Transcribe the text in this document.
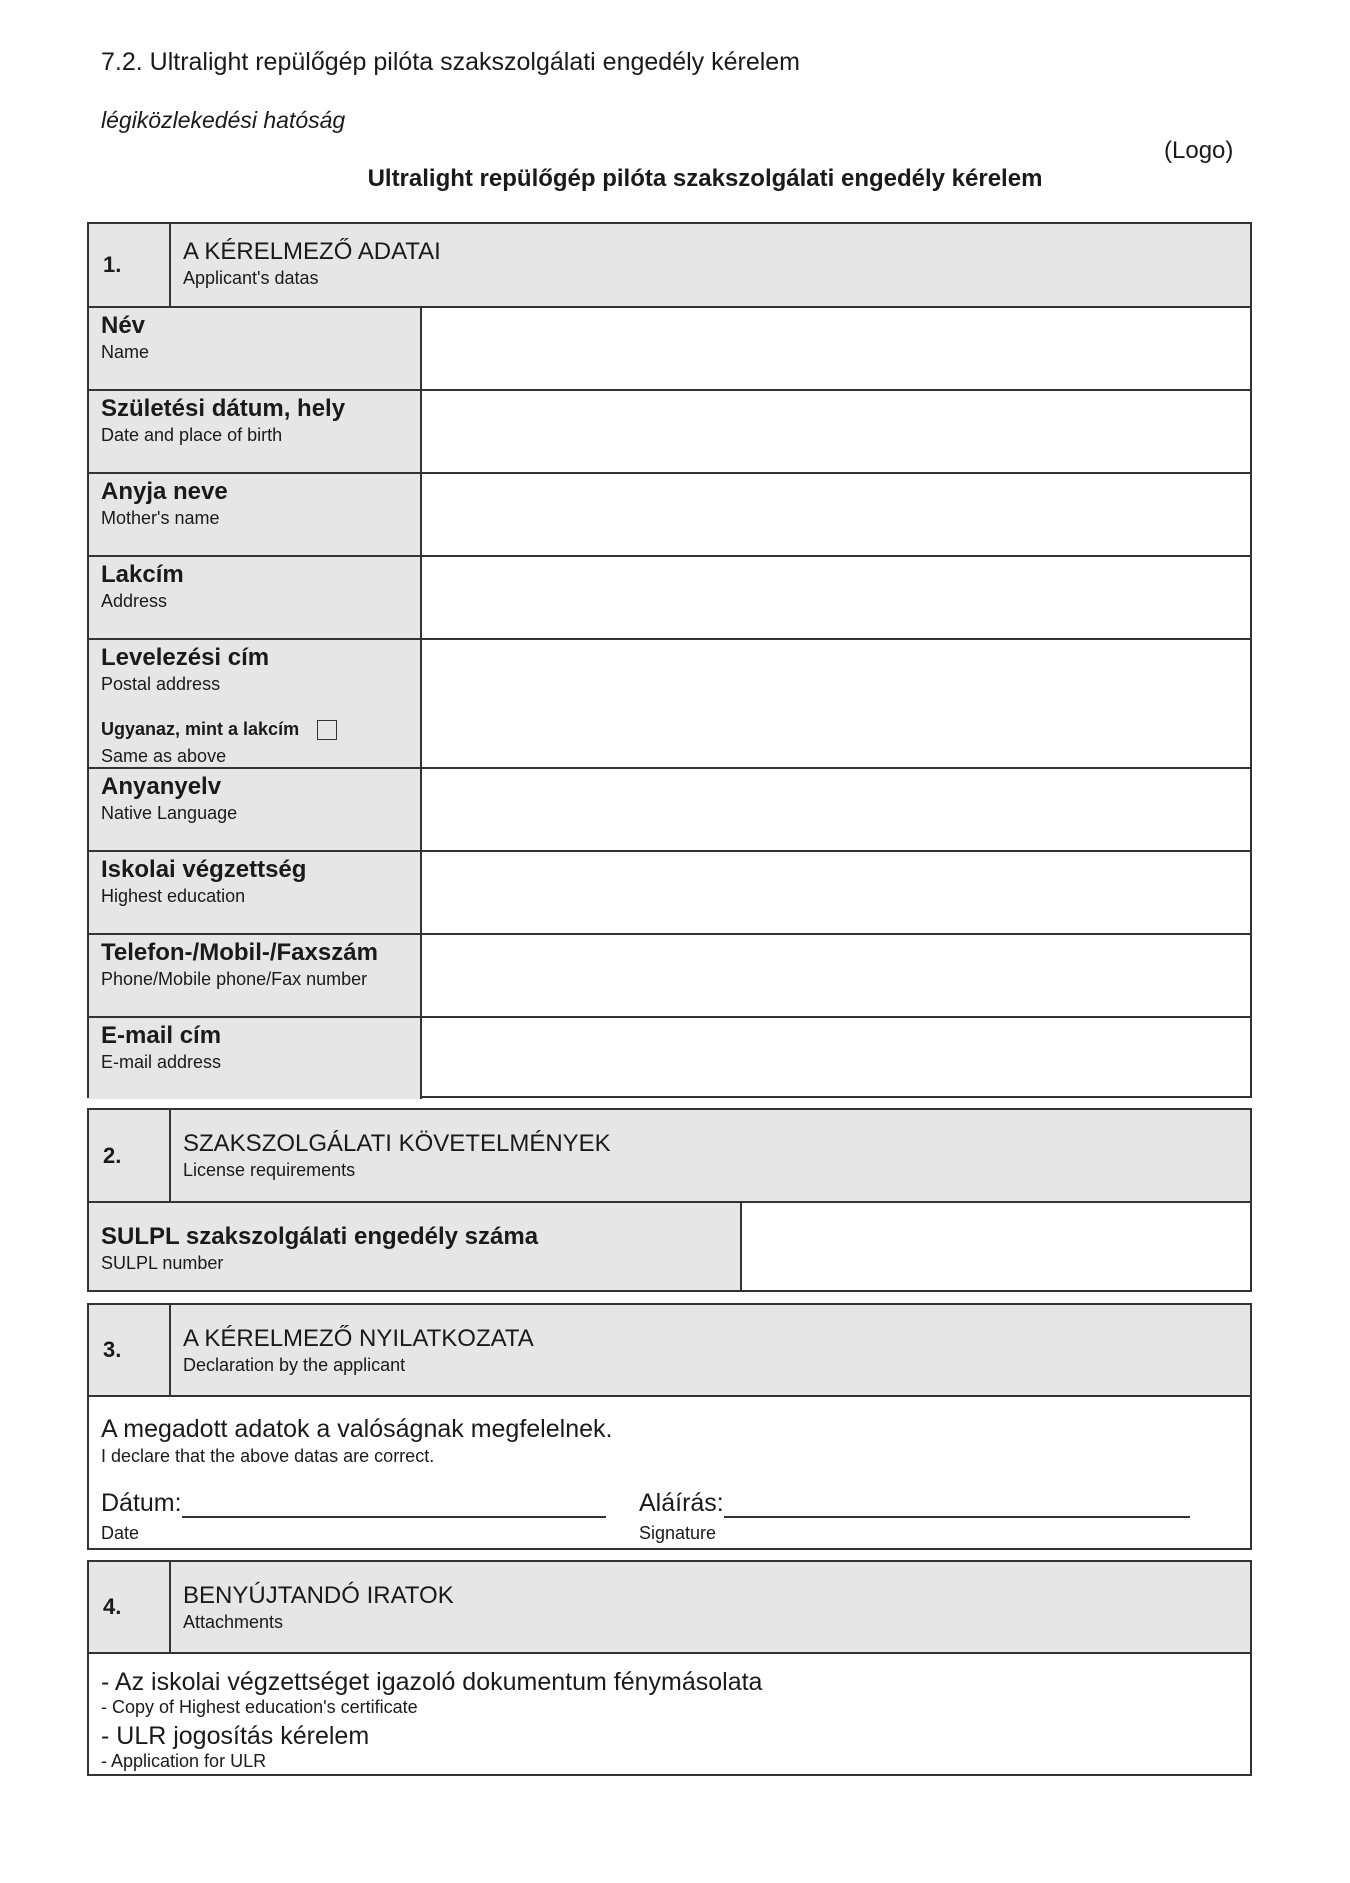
7.2. Ultralight repülőgép pilóta szakszolgálati engedély kérelem
légiközlekedési hatóság
(Logo)
Ultralight repülőgép pilóta szakszolgálati engedély kérelem
1.	A KÉRELMEZŐ ADATAI
Applicant's datas
Név
Name
Születési dátum, hely
Date and place of birth
Anyja neve
Mother's name
Lakcím
Address
Levelezési cím
Postal address
Ugyanaz, mint a lakcím
Same as above
Anyanyelv
Native Language
Iskolai végzettség
Highest education
Telefon-/Mobil-/Faxszám
Phone/Mobile phone/Fax number
E-mail cím
E-mail address
2.	SZAKSZOLGÁLATI KÖVETELMÉNYEK
License requirements
SULPL szakszolgálati engedély száma
SULPL number
3.	A KÉRELMEZŐ NYILATKOZATA
Declaration by the applicant
A megadott adatok a valóságnak megfelelnek.
I declare that the above datas are correct.
Dátum:
Date
Aláírás:
Signature
4.	BENYÚJTANDÓ IRATOK
Attachments
- Az iskolai végzettséget igazoló dokumentum fénymásolata
- Copy of Highest education's certificate
- ULR jogosítás kérelem
- Application for ULR
